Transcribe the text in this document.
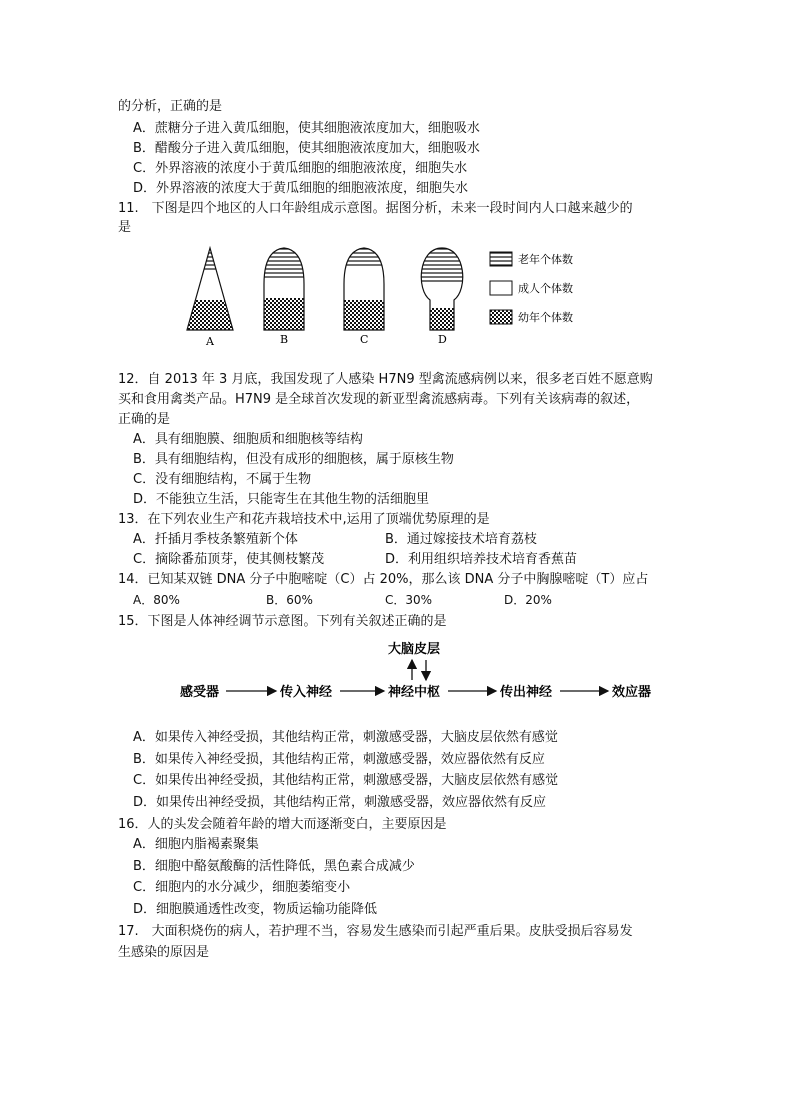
的分析，正确的是
A．蔗糖分子进入黄瓜细胞，使其细胞液浓度加大，细胞吸水
B．醋酸分子进入黄瓜细胞，使其细胞液浓度加大，细胞吸水
C．外界溶液的浓度小于黄瓜细胞的细胞液浓度，细胞失水
D．外界溶液的浓度大于黄瓜细胞的细胞液浓度，细胞失水
11.　下图是四个地区的人口年龄组成示意图。据图分析，未来一段时间内人口越来越少的
是
A	B	C	D
老年个体数
成人个体数
幼年个体数
12．自 2013 年 3 月底，我国发现了人感染 H7N9 型禽流感病例以来，很多老百姓不愿意购
买和食用禽类产品。H7N9 是全球首次发现的新亚型禽流感病毒。下列有关该病毒的叙述，
正确的是
A．具有细胞膜、细胞质和细胞核等结构
B．具有细胞结构，但没有成形的细胞核，属于原核生物
C．没有细胞结构，不属于生物
D．不能独立生活，只能寄生在其他生物的活细胞里
13．在下列农业生产和花卉栽培技术中,运用了顶端优势原理的是
A．扦插月季枝条繁殖新个体	B．通过嫁接技术培育荔枝
C．摘除番茄顶芽，使其侧枝繁茂	D．利用组织培养技术培育香蕉苗
14．已知某双链 DNA 分子中胞嘧啶（C）占 20%，那么该 DNA 分子中胸腺嘧啶（T）应占
A．80%	B．60%	C．30%	D．20%
15．下图是人体神经调节示意图。下列有关叙述正确的是
大脑皮层
感受器	传入神经	神经中枢	传出神经	效应器
A．如果传入神经受损，其他结构正常，刺激感受器，大脑皮层依然有感觉
B．如果传入神经受损，其他结构正常，刺激感受器，效应器依然有反应
C．如果传出神经受损，其他结构正常，刺激感受器，大脑皮层依然有感觉
D．如果传出神经受损，其他结构正常，刺激感受器，效应器依然有反应
16．人的头发会随着年龄的增大而逐渐变白，主要原因是
A．细胞内脂褐素聚集
B．细胞中酪氨酸酶的活性降低，黑色素合成减少
C．细胞内的水分减少，细胞萎缩变小
D．细胞膜通透性改变，物质运输功能降低
17.　大面积烧伤的病人，若护理不当，容易发生感染而引起严重后果。皮肤受损后容易发
生感染的原因是
